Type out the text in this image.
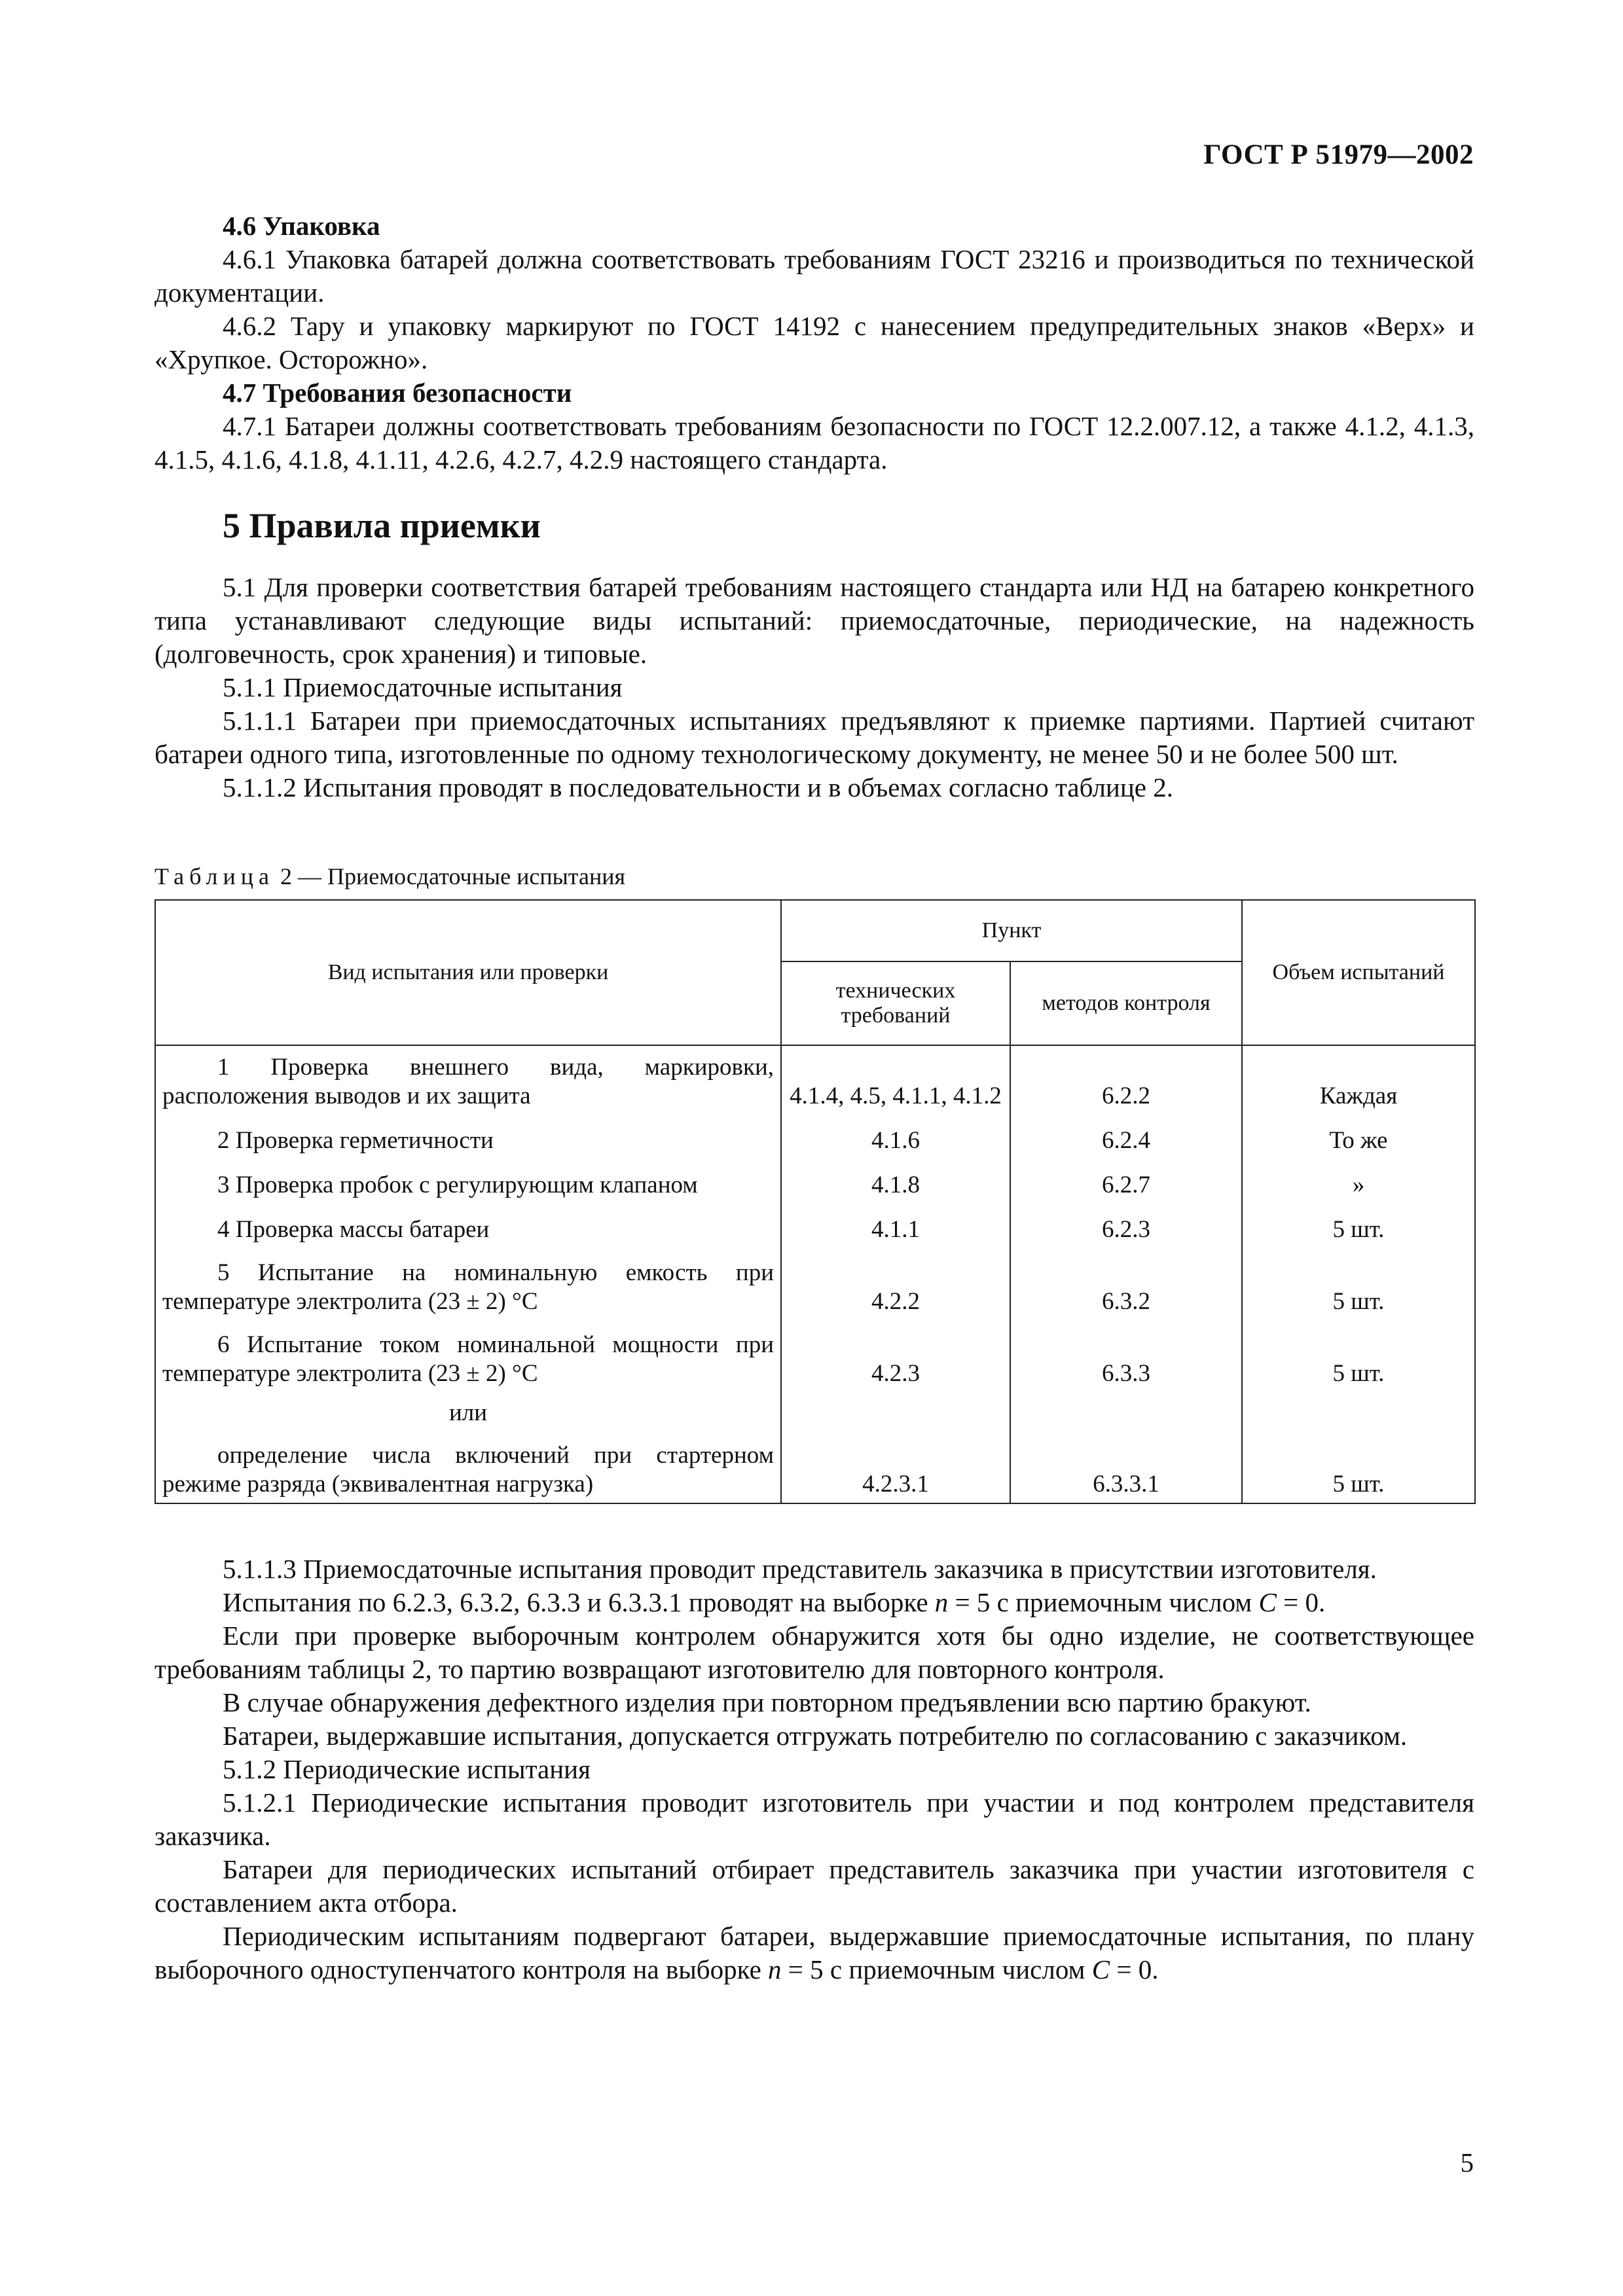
ГОСТ Р 51979—2002

4.6 Упаковка

4.6.1 Упаковка батарей должна соответствовать требованиям ГОСТ 23216 и производиться по технической документации.

4.6.2 Тару и упаковку маркируют по ГОСТ 14192 с нанесением предупредительных знаков «Верх» и «Хрупкое. Осторожно».

4.7 Требования безопасности

4.7.1 Батареи должны соответствовать требованиям безопасности по ГОСТ 12.2.007.12, а также 4.1.2, 4.1.3, 4.1.5, 4.1.6, 4.1.8, 4.1.11, 4.2.6, 4.2.7, 4.2.9 настоящего стандарта.

5 Правила приемки

5.1 Для проверки соответствия батарей требованиям настоящего стандарта или НД на батарею конкретного типа устанавливают следующие виды испытаний: приемосдаточные, периодические, на надежность (долговечность, срок хранения) и типовые.

5.1.1 Приемосдаточные испытания

5.1.1.1 Батареи при приемосдаточных испытаниях предъявляют к приемке партиями. Партией считают батареи одного типа, изготовленные по одному технологическому документу, не менее 50 и не более 500 шт.

5.1.1.2 Испытания проводят в последовательности и в объемах согласно таблице 2.

Таблица 2 — Приемосдаточные испытания
Вид испытания или проверки	Пункт		Объем испытаний
	технических требований	методов контроля	
1 Проверка внешнего вида, маркировки, расположения выводов и их защита	4.1.4, 4.5, 4.1.1, 4.1.2	6.2.2	Каждая
2 Проверка герметичности	4.1.6	6.2.4	То же
3 Проверка пробок с регулирующим клапаном	4.1.8	6.2.7	»
4 Проверка массы батареи	4.1.1	6.2.3	5 шт.
5 Испытание на номинальную емкость при температуре электролита (23 ± 2) °С	4.2.2	6.3.2	5 шт.
6 Испытание током номинальной мощности при температуре электролита (23 ± 2) °С	4.2.3	6.3.3	5 шт.
или			
определение числа включений при стартерном режиме разряда (эквивалентная нагрузка)	4.2.3.1	6.3.3.1	5 шт.

5.1.1.3 Приемосдаточные испытания проводит представитель заказчика в присутствии изготовителя.

Испытания по 6.2.3, 6.3.2, 6.3.3 и 6.3.3.1 проводят на выборке n = 5 с приемочным числом С = 0.

Если при проверке выборочным контролем обнаружится хотя бы одно изделие, не соответствующее требованиям таблицы 2, то партию возвращают изготовителю для повторного контроля.

В случае обнаружения дефектного изделия при повторном предъявлении всю партию бракуют.

Батареи, выдержавшие испытания, допускается отгружать потребителю по согласованию с заказчиком.

5.1.2 Периодические испытания

5.1.2.1 Периодические испытания проводит изготовитель при участии и под контролем представителя заказчика.

Батареи для периодических испытаний отбирает представитель заказчика при участии изготовителя с составлением акта отбора.

Периодическим испытаниям подвергают батареи, выдержавшие приемосдаточные испытания, по плану выборочного одноступенчатого контроля на выборке n = 5 с приемочным числом С = 0.

5
